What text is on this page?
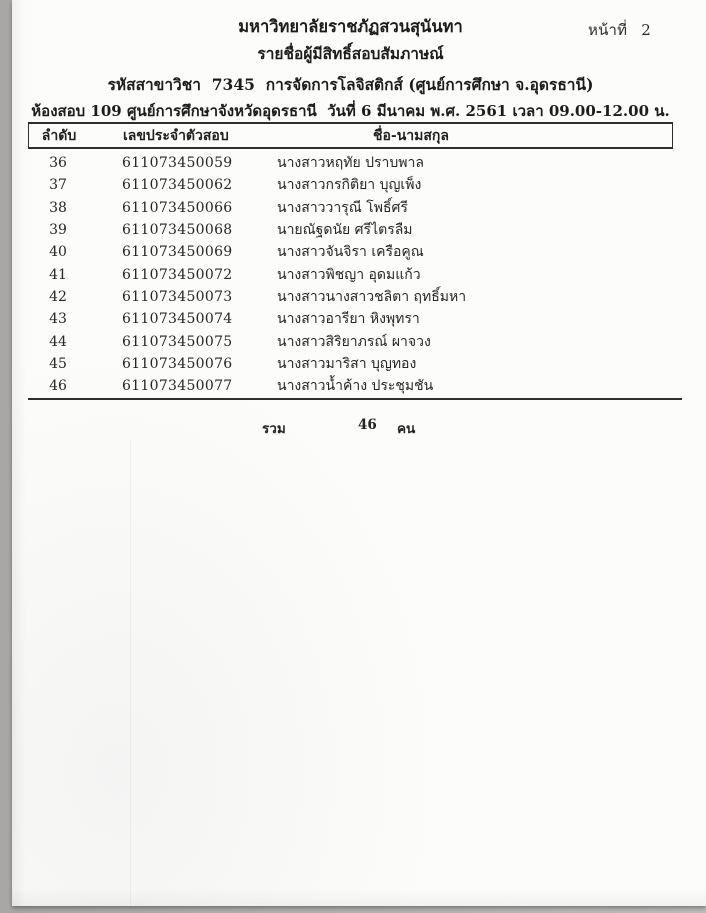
หน้าที่ 2
มหาวิทยาลัยราชภัฏสวนสุนันทา
รายชื่อผู้มีสิทธิ์สอบสัมภาษณ์
รหัสสาขาวิชา  7345  การจัดการโลจิสติกส์ (ศูนย์การศึกษา จ.อุดรธานี)
ห้องสอบ 109 ศูนย์การศึกษาจังหวัดอุดรธานี  วันที่ 6 มีนาคม พ.ศ. 2561 เวลา 09.00-12.00 น.
ลำดับ	เลขประจำตัวสอบ	ชื่อ-นามสกุล
36	611073450059	นางสาวหฤทัย ปราบพาล
37	611073450062	นางสาวกรกิติยา บุญเพ็ง
38	611073450066	นางสาววารุณี โพธิ์ศรี
39	611073450068	นายณัฐดนัย ศรีไตรลืม
40	611073450069	นางสาวจันจิรา เครือคูณ
41	611073450072	นางสาวพิชญา อุดมแก้ว
42	611073450073	นางสาวนางสาวชลิตา ฤทธิ์มหา
43	611073450074	นางสาวอารียา หิงพุทรา
44	611073450075	นางสาวสิริยาภรณ์ ผาจวง
45	611073450076	นางสาวมาริสา บุญทอง
46	611073450077	นางสาวน้ำค้าง ประชุมชัน
รวม	46 คน
